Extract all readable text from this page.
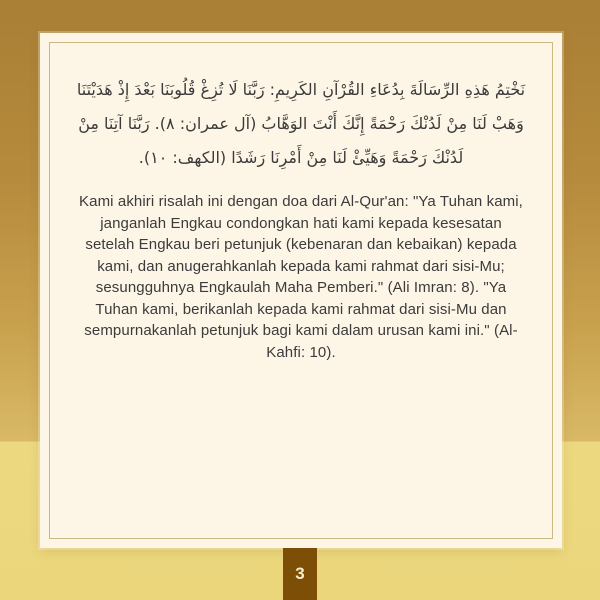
نَخْتِمُ هَذِهِ الرِّسَالَةَ بِدُعَاءِ القُرْآنِ الكَرِيمِ: رَبَّنَا لَا تُزِغْ قُلُوبَنَا بَعْدَ إِذْ هَدَيْتَنَا
وَهَبْ لَنَا مِنْ لَدُنْكَ رَحْمَةً إِنَّكَ أَنْتَ الوَهَّابُ (آل عمران: ٨). رَبَّنَا آتِنَا مِنْ
لَدُنْكَ رَحْمَةً وَهَيِّئْ لَنَا مِنْ أَمْرِنَا رَشَدًا (الكهف: ١٠).
Kami akhiri risalah ini dengan doa dari Al-Qur'an: "Ya Tuhan kami, janganlah Engkau condongkan hati kami kepada kesesatan setelah Engkau beri petunjuk (kebenaran dan kebaikan) kepada kami, dan anugerahkanlah kepada kami rahmat dari sisi-Mu; sesungguhnya Engkaulah Maha Pemberi." (Ali Imran: 8). "Ya Tuhan kami, berikanlah kepada kami rahmat dari sisi-Mu dan sempurnakanlah petunjuk bagi kami dalam urusan kami ini." (Al-Kahfi: 10).
3
